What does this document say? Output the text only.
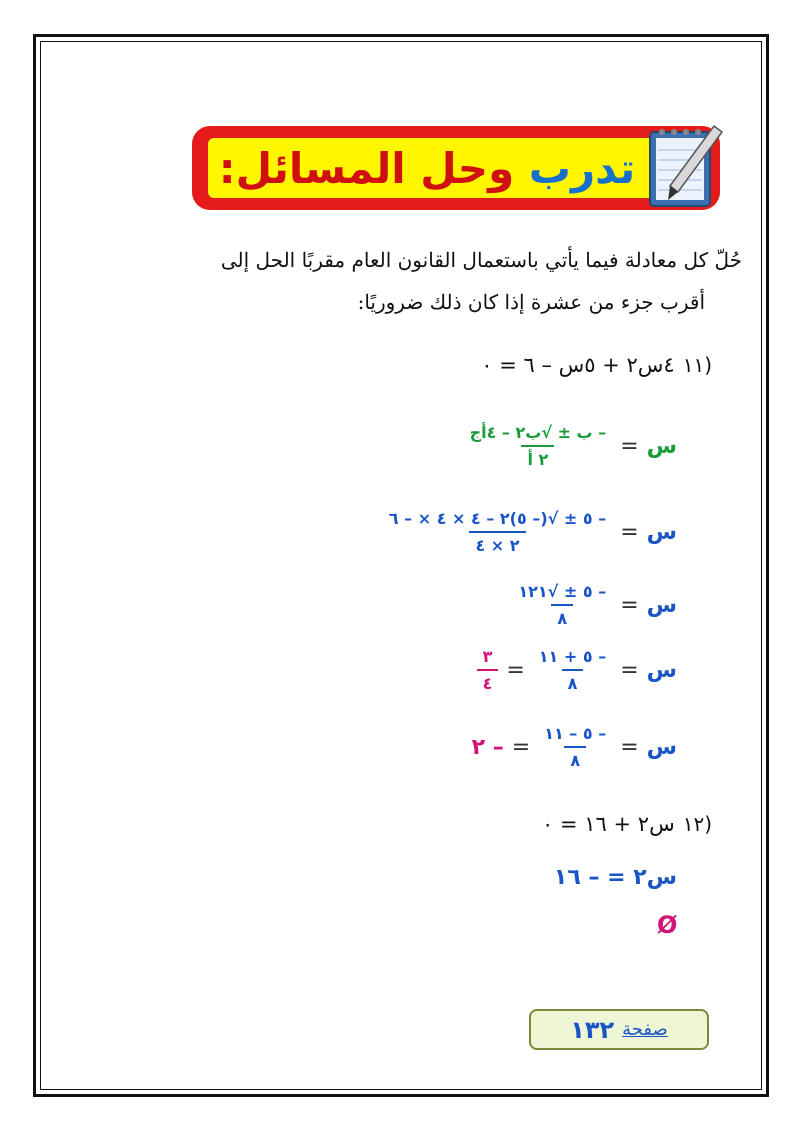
تدرب

وحل المسائل:
حُلّ كل معادلة فيما يأتي باستعمال القانون العام مقربًا الحل إلى
أقرب جزء من عشرة إذا كان ذلك ضروريًا:
(١١
٤س٢ + ٥س – ٦ = ٠
س
=
$\frac{\text{– ب ± √ب٢ – ٤أج}}{\text{٢ أ}}$
س
=
$\frac{- ٥ \pm √(- ٥)٢ - ٤ \times ٤ \times - ٦}{٢ \times ٤}$
س
=
$\frac{- ٥ \pm √١٢١}{٨}$
س
=
$\frac{- ٥ + ١١}{٨}$
=
$\frac{٣}{٤}$
س
=
$\frac{- ٥ - ١١}{٨}$
=
– ٢
(١٢
س٢ + ١٦ = ٠
س٢ = – ١٦
Ø
صفحة
١٣٢
